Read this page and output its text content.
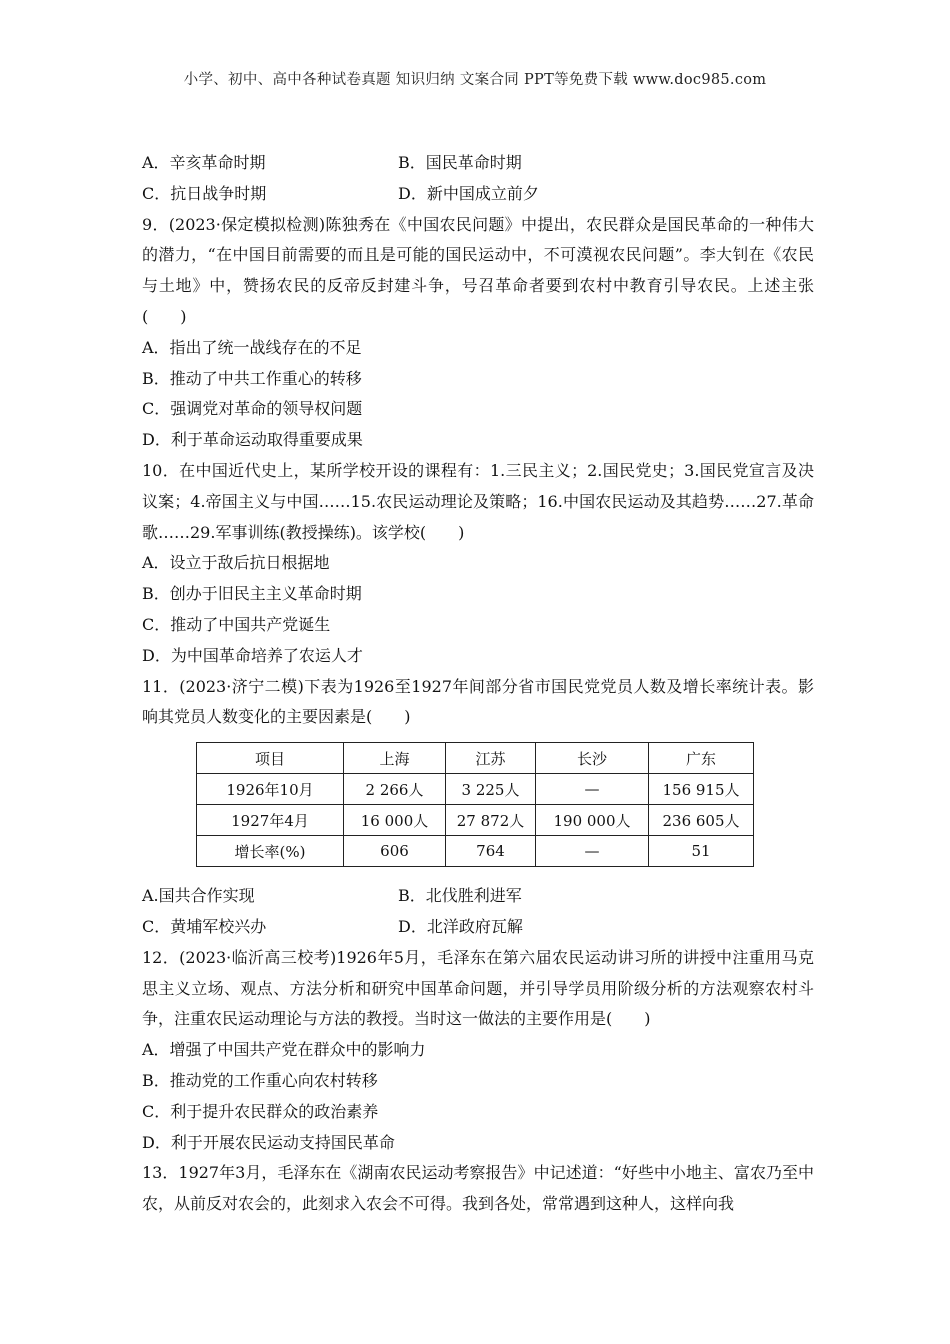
小学、初中、高中各种试卷真题 知识归纳 文案合同 PPT等免费下载 www.doc985.com
A．辛亥革命时期	B．国民革命时期
C．抗日战争时期	D．新中国成立前夕
9．(2023·保定模拟检测)陈独秀在《中国农民问题》中提出，农民群众是国民革命的一种伟大的潜力，“在中国目前需要的而且是可能的国民运动中，不可漠视农民问题”。李大钊在《农民与土地》中，赞扬农民的反帝反封建斗争，号召革命者要到农村中教育引导农民。上述主张(　　)
A．指出了统一战线存在的不足
B．推动了中共工作重心的转移
C．强调党对革命的领导权问题
D．利于革命运动取得重要成果
10．在中国近代史上，某所学校开设的课程有：1.三民主义；2.国民党史；3.国民党宣言及决议案；4.帝国主义与中国……15.农民运动理论及策略；16.中国农民运动及其趋势……27.革命歌……29.军事训练(教授操练)。该学校(　　)
A．设立于敌后抗日根据地
B．创办于旧民主主义革命时期
C．推动了中国共产党诞生
D．为中国革命培养了农运人才
11．(2023·济宁二模)下表为1926至1927年间部分省市国民党党员人数及增长率统计表。影响其党员人数变化的主要因素是(　　)
项目	上海	江苏	长沙	广东
1926年10月	2 266人	3 225人	—	156 915人
1927年4月	16 000人	27 872人	190 000人	236 605人
增长率(%)	606	764	—	51
A.国共合作实现	B．北伐胜利进军
C．黄埔军校兴办	D．北洋政府瓦解
12．(2023·临沂高三校考)1926年5月，毛泽东在第六届农民运动讲习所的讲授中注重用马克思主义立场、观点、方法分析和研究中国革命问题，并引导学员用阶级分析的方法观察农村斗争，注重农民运动理论与方法的教授。当时这一做法的主要作用是(　　)
A．增强了中国共产党在群众中的影响力
B．推动党的工作重心向农村转移
C．利于提升农民群众的政治素养
D．利于开展农民运动支持国民革命
13．1927年3月，毛泽东在《湖南农民运动考察报告》中记述道：“好些中小地主、富农乃至中农，从前反对农会的，此刻求入农会不可得。我到各处，常常遇到这种人，这样向我
